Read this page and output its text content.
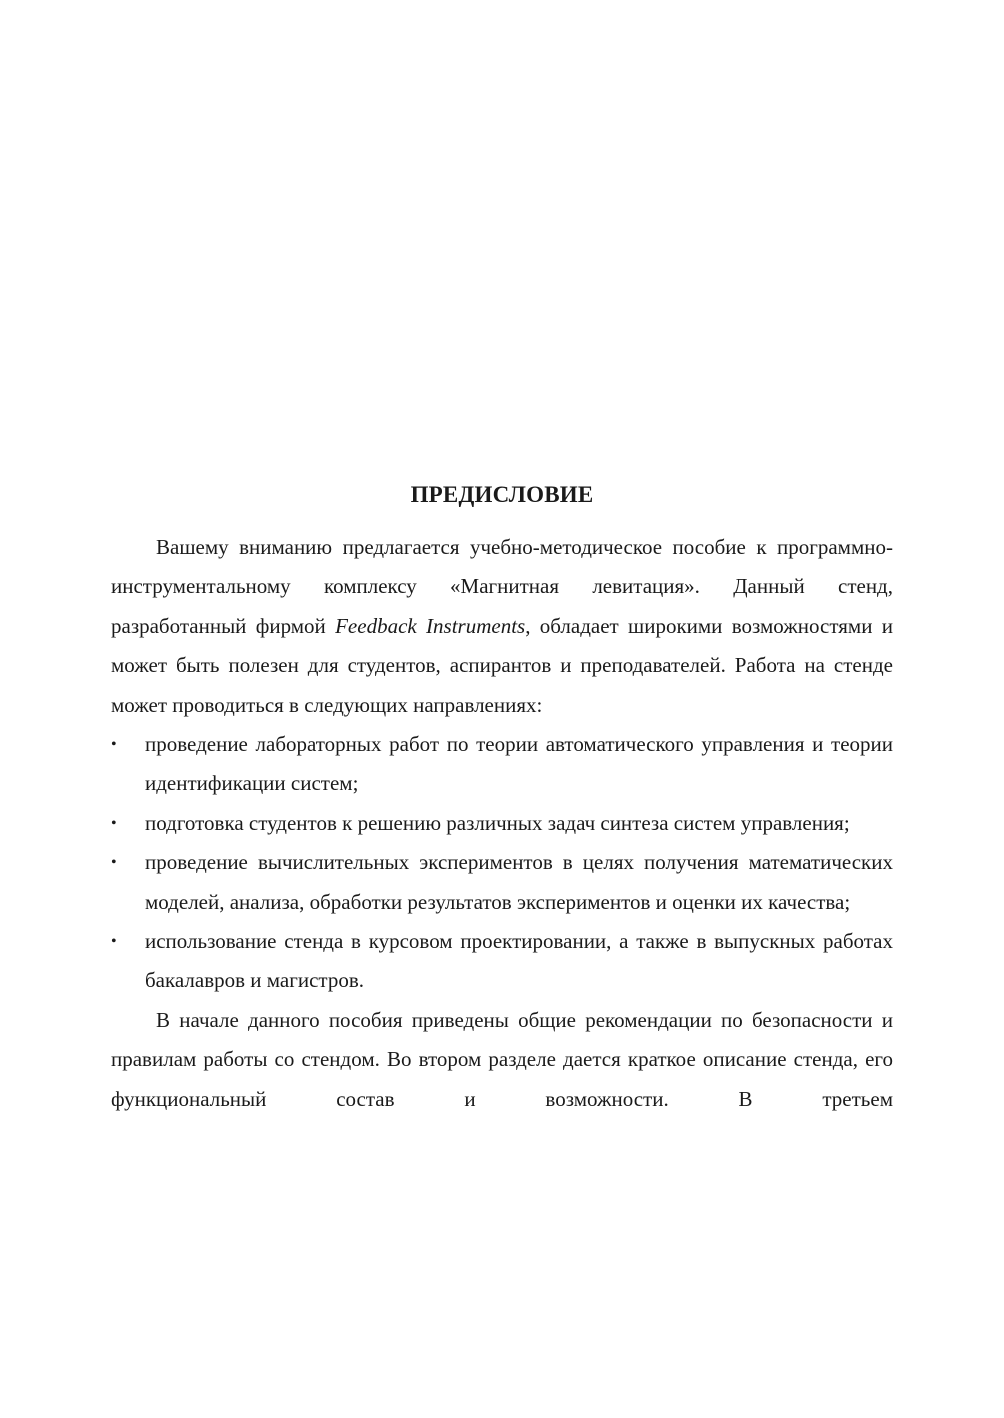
ПРЕДИСЛОВИЕ

Вашему вниманию предлагается учебно-методическое пособие к программно-инструментальному комплексу «Магнитная левитация». Данный стенд, разработанный фирмой Feedback Instruments, обладает широкими возможностями и может быть полезен для студентов, аспирантов и преподавателей. Работа на стенде может проводиться в следующих направлениях:

•	проведение лабораторных работ по теории автоматического управления и теории идентификации систем;
•	подготовка студентов к решению различных задач синтеза систем управления;
•	проведение вычислительных экспериментов в целях получения математических моделей, анализа, обработки результатов экспериментов и оценки их качества;
•	использование стенда в курсовом проектировании, а также в выпускных работах бакалавров и магистров.

В начале данного пособия приведены общие рекомендации по безопасности и правилам работы со стендом. Во втором разделе дается краткое описание стенда, его функциональный состав и возможности. В третьем
